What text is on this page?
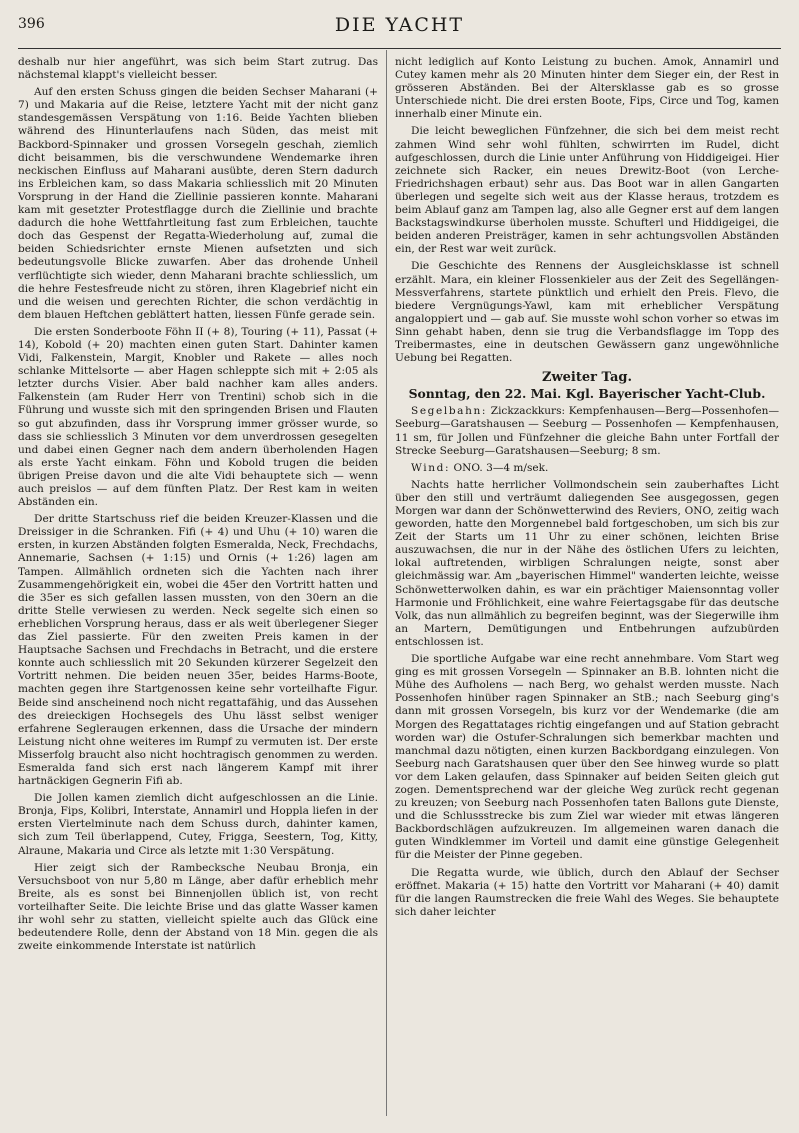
396	DIE YACHT

deshalb nur hier angeführt, was sich beim Start zutrug. Das nächstemal klappt's vielleicht besser.

Auf den ersten Schuss gingen die beiden Sechser Maharani (+ 7) und Makaria auf die Reise, letztere Yacht mit der nicht ganz standesgemässen Verspätung von 1:16. Beide Yachten blieben während des Hinunterlaufens nach Süden, das meist mit Backbord-Spinnaker und grossen Vorsegeln geschah, ziemlich dicht beisammen, bis die verschwundene Wendemarke ihren neckischen Einfluss auf Maharani ausübte, deren Stern dadurch ins Erbleichen kam, so dass Makaria schliesslich mit 20 Minuten Vorsprung in der Hand die Ziellinie passieren konnte. Maharani kam mit gesetzter Protestflagge durch die Ziellinie und brachte dadurch die hohe Wettfahrtleitung fast zum Erbleichen, tauchte doch das Gespenst der Regatta-Wiederholung auf, zumal die beiden Schiedsrichter ernste Mienen aufsetzten und sich bedeutungsvolle Blicke zuwarfen. Aber das drohende Unheil verflüchtigte sich wieder, denn Maharani brachte schliesslich, um die hehre Festesfreude nicht zu stören, ihren Klagebrief nicht ein und die weisen und gerechten Richter, die schon verdächtig in dem blauen Heftchen geblättert hatten, liessen Fünfe gerade sein.

Die ersten Sonderboote Föhn II (+ 8), Touring (+ 11), Passat (+ 14), Kobold (+ 20) machten einen guten Start. Dahinter kamen Vidi, Falkenstein, Margit, Knobler und Rakete — alles noch schlanke Mittelsorte — aber Hagen schleppte sich mit + 2:05 als letzter durchs Visier. Aber bald nachher kam alles anders. Falkenstein (am Ruder Herr von Trentini) schob sich in die Führung und wusste sich mit den springenden Brisen und Flauten so gut abzufinden, dass ihr Vorsprung immer grösser wurde, so dass sie schliesslich 3 Minuten vor dem unverdrossen gesegelten und dabei einen Gegner nach dem andern überholenden Hagen als erste Yacht einkam. Föhn und Kobold trugen die beiden übrigen Preise davon und die alte Vidi behauptete sich — wenn auch preislos — auf dem fünften Platz. Der Rest kam in weiten Abständen ein.

Der dritte Startschuss rief die beiden Kreuzer-Klassen und die Dreissiger in die Schranken. Fifi (+ 4) und Uhu (+ 10) waren die ersten, in kurzen Abständen folgten Esmeralda, Neck, Frechdachs, Annemarie, Sachsen (+ 1:15) und Ornis (+ 1:26) lagen am Tampen. Allmählich ordneten sich die Yachten nach ihrer Zusammengehörigkeit ein, wobei die 45er den Vortritt hatten und die 35er es sich gefallen lassen mussten, von den 30ern an die dritte Stelle verwiesen zu werden. Neck segelte sich einen so erheblichen Vorsprung heraus, dass er als weit überlegener Sieger das Ziel passierte. Für den zweiten Preis kamen in der Hauptsache Sachsen und Frechdachs in Betracht, und die erstere konnte auch schliesslich mit 20 Sekunden kürzerer Segelzeit den Vortritt nehmen. Die beiden neuen 35er, beides Harms-Boote, machten gegen ihre Startgenossen keine sehr vorteilhafte Figur. Beide sind anscheinend noch nicht regattafähig, und das Aussehen des dreieckigen Hochsegels des Uhu lässt selbst weniger erfahrene Segleraugen erkennen, dass die Ursache der mindern Leistung nicht ohne weiteres im Rumpf zu vermuten ist. Der erste Misserfolg braucht also nicht hochtragisch genommen zu werden. Esmeralda fand sich erst nach längerem Kampf mit ihrer hartnäckigen Gegnerin Fifi ab.

Die Jollen kamen ziemlich dicht aufgeschlossen an die Linie. Bronja, Fips, Kolibri, Interstate, Annamirl und Hoppla liefen in der ersten Viertelminute nach dem Schuss durch, dahinter kamen, sich zum Teil überlappend, Cutey, Frigga, Seestern, Tog, Kitty, Alraune, Makaria und Circe als letzte mit 1:30 Verspätung.

Hier zeigt sich der Rambecksche Neubau Bronja, ein Versuchsboot von nur 5,80 m Länge, aber dafür erheblich mehr Breite, als es sonst bei Binnenjollen üblich ist, von recht vorteilhafter Seite. Die leichte Brise und das glatte Wasser kamen ihr wohl sehr zu statten, vielleicht spielte auch das Glück eine bedeutendere Rolle, denn der Abstand von 18 Min. gegen die als zweite einkommende Interstate ist natürlich

nicht lediglich auf Konto Leistung zu buchen. Amok, Annamirl und Cutey kamen mehr als 20 Minuten hinter dem Sieger ein, der Rest in grösseren Abständen. Bei der Altersklasse gab es so grosse Unterschiede nicht. Die drei ersten Boote, Fips, Circe und Tog, kamen innerhalb einer Minute ein.

Die leicht beweglichen Fünfzehner, die sich bei dem meist recht zahmen Wind sehr wohl fühlten, schwirrten im Rudel, dicht aufgeschlossen, durch die Linie unter Anführung von Hiddigeigei. Hier zeichnete sich Racker, ein neues Drewitz-Boot (von Lerche-Friedrichshagen erbaut) sehr aus. Das Boot war in allen Gangarten überlegen und segelte sich weit aus der Klasse heraus, trotzdem es beim Ablauf ganz am Tampen lag, also alle Gegner erst auf dem langen Backstagswindkurse überholen musste. Schufterl und Hiddigeigei, die beiden anderen Preisträger, kamen in sehr achtungsvollen Abständen ein, der Rest war weit zurück.

Die Geschichte des Rennens der Ausgleichsklasse ist schnell erzählt. Mara, ein kleiner Flossenkieler aus der Zeit des Segellängen-Messverfahrens, startete pünktlich und erhielt den Preis. Flevo, die biedere Vergnügungs-Yawl, kam mit erheblicher Verspätung angaloppiert und — gab auf. Sie musste wohl schon vorher so etwas im Sinn gehabt haben, denn sie trug die Verbandsflagge im Topp des Treibermastes, eine in deutschen Gewässern ganz ungewöhnliche Uebung bei Regatten.

Zweiter Tag.
Sonntag, den 22. Mai. Kgl. Bayerischer Yacht-Club.

Segelbahn: Zickzackkurs: Kempfenhausen—Berg—Possenhofen—Seeburg—Garatshausen — Seeburg — Possenhofen — Kempfenhausen, 11 sm, für Jollen und Fünfzehner die gleiche Bahn unter Fortfall der Strecke Seeburg—Garatshausen—Seeburg; 8 sm.

Wind: ONO. 3—4 m/sek.

Nachts hatte herrlicher Vollmondschein sein zauberhaftes Licht über den still und verträumt daliegenden See ausgegossen, gegen Morgen war dann der Schönwetterwind des Reviers, ONO, zeitig wach geworden, hatte den Morgennebel bald fortgeschoben, um sich bis zur Zeit der Starts um 11 Uhr zu einer schönen, leichten Brise auszuwachsen, die nur in der Nähe des östlichen Ufers zu leichten, lokal auftretenden, wirbligen Schralungen neigte, sonst aber gleichmässig war. Am „bayerischen Himmel" wanderten leichte, weisse Schönwetterwolken dahin, es war ein prächtiger Maiensonntag voller Harmonie und Fröhlichkeit, eine wahre Feiertagsgabe für das deutsche Volk, das nun allmählich zu begreifen beginnt, was der Siegerwille ihm an Martern, Demütigungen und Entbehrungen aufzubürden entschlossen ist.

Die sportliche Aufgabe war eine recht annehmbare. Vom Start weg ging es mit grossen Vorsegeln — Spinnaker an B.B. lohnten nicht die Mühe des Aufholens — nach Berg, wo gehalst werden musste. Nach Possenhofen hinüber ragen Spinnaker an StB.; nach Seeburg ging's dann mit grossen Vorsegeln, bis kurz vor der Wendemarke (die am Morgen des Regattatages richtig eingefangen und auf Station gebracht worden war) die Ostufer-Schralungen sich bemerkbar machten und manchmal dazu nötigten, einen kurzen Backbordgang einzulegen. Von Seeburg nach Garatshausen quer über den See hinweg wurde so platt vor dem Laken gelaufen, dass Spinnaker auf beiden Seiten gleich gut zogen. Dementsprechend war der gleiche Weg zurück recht gegenan zu kreuzen; von Seeburg nach Possenhofen taten Ballons gute Dienste, und die Schlussstrecke bis zum Ziel war wieder mit etwas längeren Backbordschlägen aufzukreuzen. Im allgemeinen waren danach die guten Windklemmer im Vorteil und damit eine günstige Gelegenheit für die Meister der Pinne gegeben.

Die Regatta wurde, wie üblich, durch den Ablauf der Sechser eröffnet. Makaria (+ 15) hatte den Vortritt vor Maharani (+ 40) damit für die langen Raumstrecken die freie Wahl des Weges. Sie behauptete sich daher leichter
